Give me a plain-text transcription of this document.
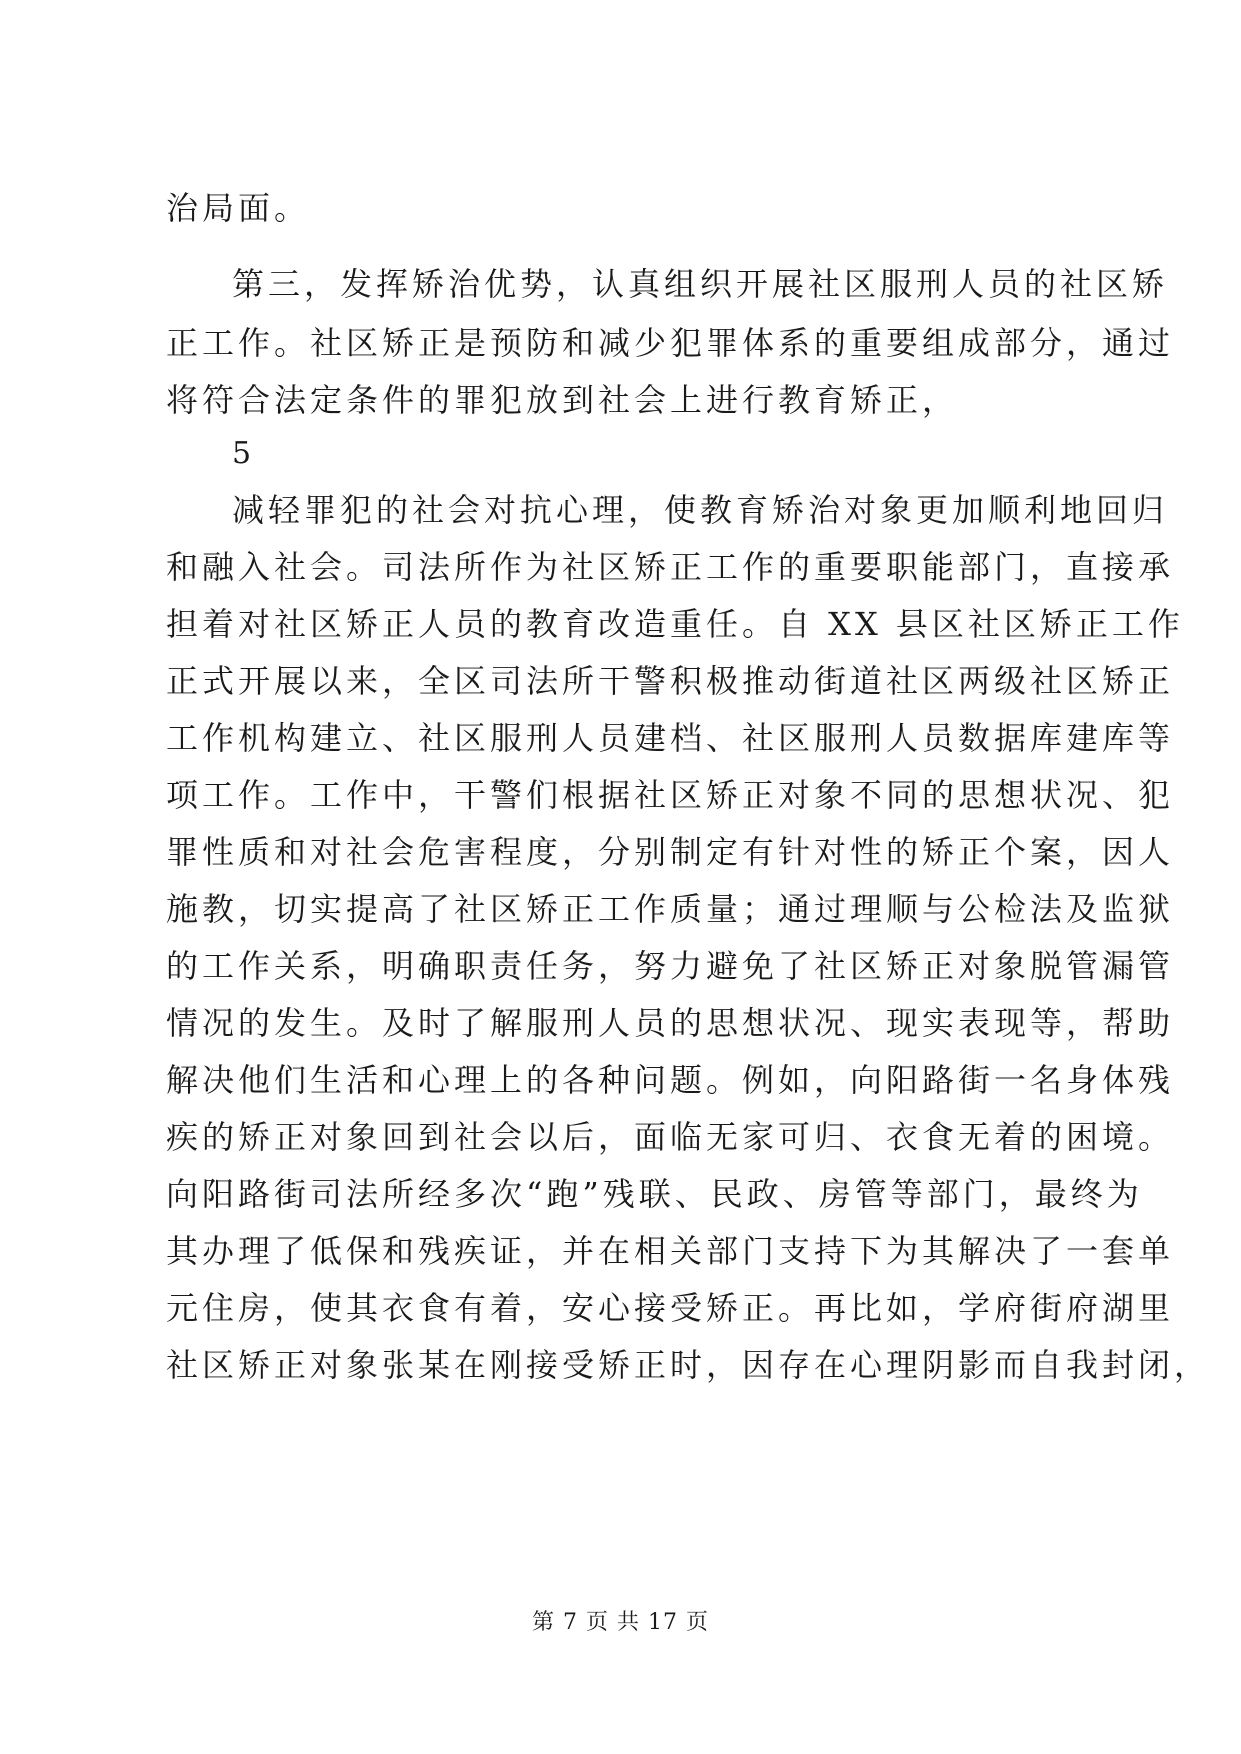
治局面。
第三，发挥矫治优势，认真组织开展社区服刑人员的社区矫
正工作。社区矫正是预防和减少犯罪体系的重要组成部分，通过
将符合法定条件的罪犯放到社会上进行教育矫正，
5
减轻罪犯的社会对抗心理，使教育矫治对象更加顺利地回归
和融入社会。司法所作为社区矫正工作的重要职能部门，直接承
担着对社区矫正人员的教育改造重任。自 XX 县区社区矫正工作
正式开展以来，全区司法所干警积极推动街道社区两级社区矫正
工作机构建立、社区服刑人员建档、社区服刑人员数据库建库等
项工作。工作中，干警们根据社区矫正对象不同的思想状况、犯
罪性质和对社会危害程度，分别制定有针对性的矫正个案，因人
施教，切实提高了社区矫正工作质量；通过理顺与公检法及监狱
的工作关系，明确职责任务，努力避免了社区矫正对象脱管漏管
情况的发生。及时了解服刑人员的思想状况、现实表现等，帮助
解决他们生活和心理上的各种问题。例如，向阳路街一名身体残
疾的矫正对象回到社会以后，面临无家可归、衣食无着的困境。
向阳路街司法所经多次“跑”残联、民政、房管等部门，最终为
其办理了低保和残疾证，并在相关部门支持下为其解决了一套单
元住房，使其衣食有着，安心接受矫正。再比如，学府街府湖里
社区矫正对象张某在刚接受矫正时，因存在心理阴影而自我封闭，
第 7 页 共 17 页
